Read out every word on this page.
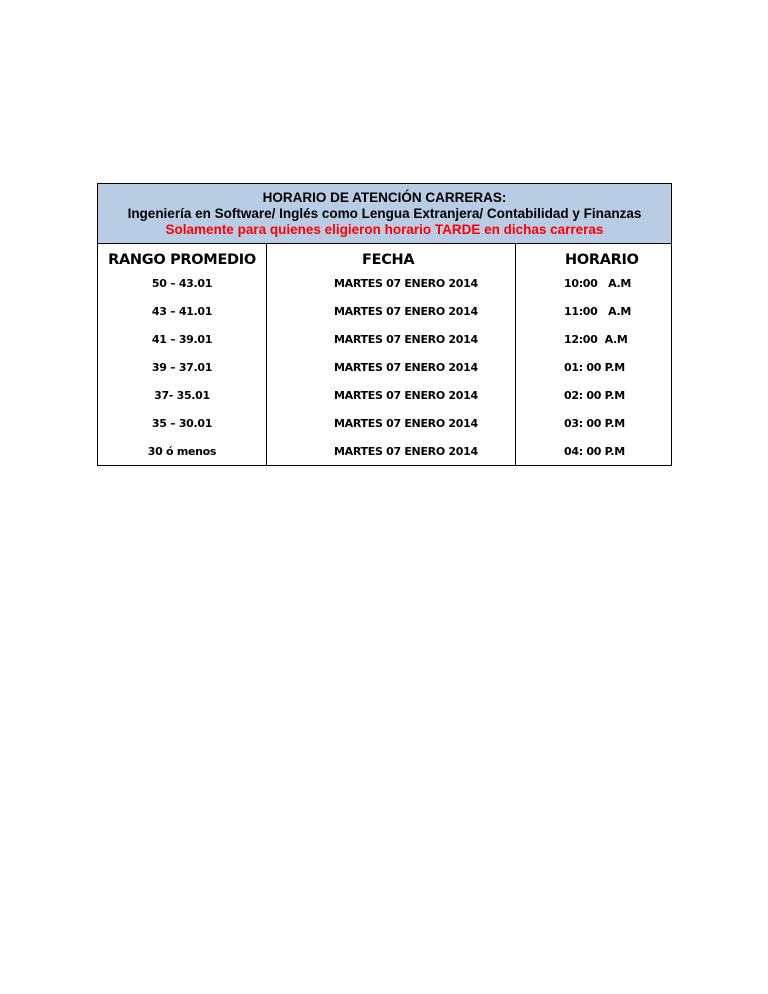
HORARIO DE ATENCIÓN CARRERAS:
Ingeniería en Software/ Inglés como Lengua Extranjera/ Contabilidad y Finanzas
Solamente para quienes eligieron horario TARDE en dichas carreras		

RANGO PROMEDIO	FECHA	HORARIO
50 – 43.01	MARTES 07 ENERO 2014	10:00   A.M
43 – 41.01	MARTES 07 ENERO 2014	11:00   A.M
41 – 39.01	MARTES 07 ENERO 2014	12:00  A.M
39 – 37.01	MARTES 07 ENERO 2014	01: 00 P.M
37- 35.01	MARTES 07 ENERO 2014	02: 00 P.M
35 – 30.01	MARTES 07 ENERO 2014	03: 00 P.M
30 ó menos	MARTES 07 ENERO 2014	04: 00 P.M
